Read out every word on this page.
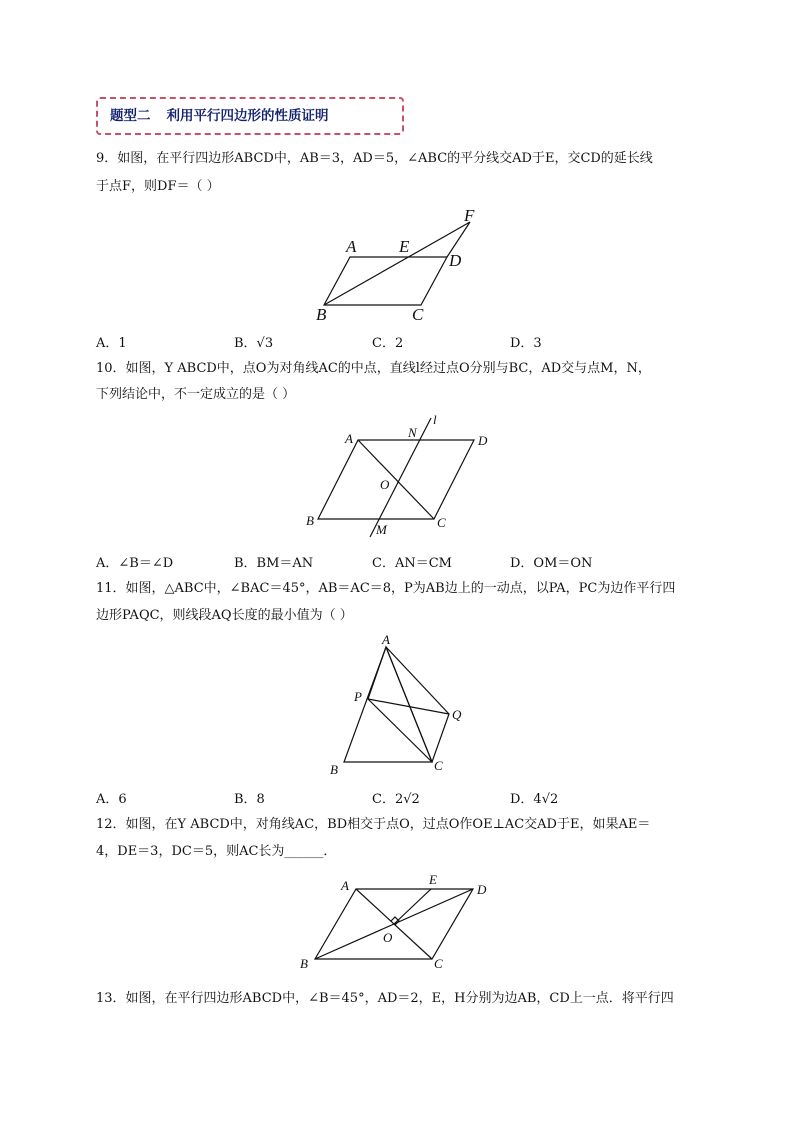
题型二 利用平行四边形的性质证明
9．如图，在平行四边形ABCD中，AB＝3，AD＝5，∠ABC的平分线交AD于E，交CD的延长线
于点F，则DF＝（ ）
F
A	E
D
B	C
A．1	B．√3	C．2	D．3
10．如图，Y ABCD中，点O为对角线AC的中点，直线l经过点O分别与BC，AD交与点M，N，
下列结论中，不一定成立的是（ ）
l
A	N
D
O
B
M	C
A．∠B＝∠D	B．BM＝AN	C．AN＝CM	D．OM＝ON
11．如图，△ABC中，∠BAC＝45°，AB＝AC＝8，P为AB边上的一动点，以PA，PC为边作平行四
边形PAQC，则线段AQ长度的最小值为（ ）
A
P
Q
B	C
A．6	B．8	C．2√2	D．4√2
12．如图，在Y ABCD中，对角线AC，BD相交于点O，过点O作OE⊥AC交AD于E，如果AE＝
4，DE＝3，DC＝5，则AC长为______．
A	E
D
O
B	C
13．如图，在平行四边形ABCD中，∠B＝45°，AD＝2，E，H分别为边AB，CD上一点．将平行四
